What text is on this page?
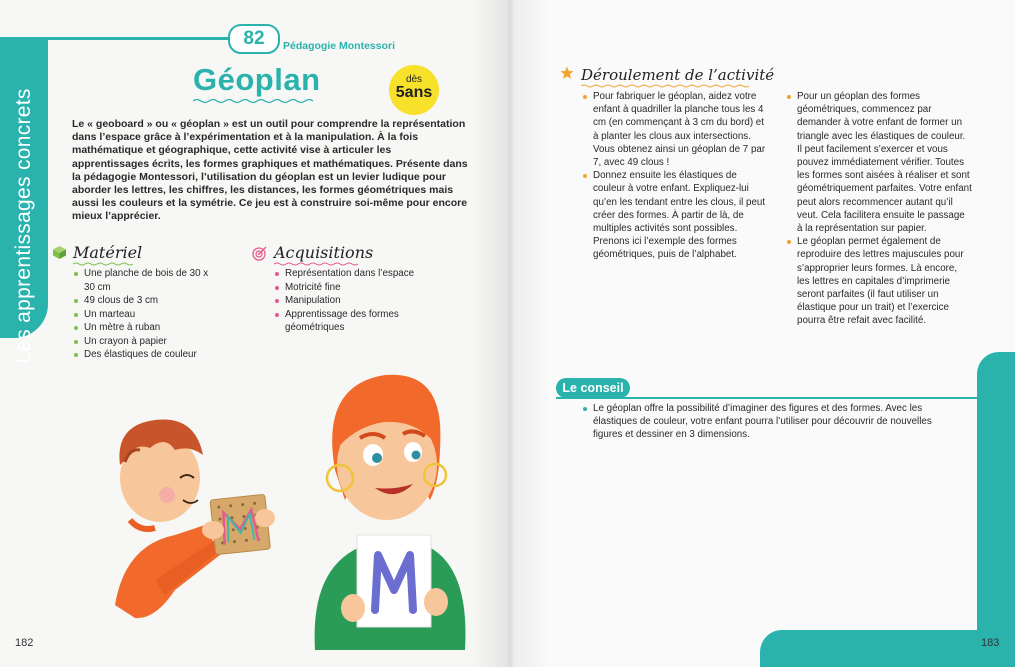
Les apprentissages concrets
82	Pédagogie Montessori
Géoplan	dès
5ans

Le « geoboard » ou « géoplan » est un outil pour comprendre la représentation dans l’espace grâce à l’expérimentation et à la manipulation. À la fois mathématique et géographique, cette activité vise à articuler les apprentissages écrits, les formes graphiques et mathématiques. Présente dans la pédagogie Montessori, l’utilisation du géoplan est un levier ludique pour aborder les lettres, les chiffres, les distances, les formes géométriques mais aussi les couleurs et la symétrie. Ce jeu est à construire soi-même pour encore mieux l’apprécier.

Matériel
Une planche de bois de 30 x 30 cm
49 clous de 3 cm
Un marteau
Un mètre à ruban
Un crayon à papier
Des élastiques de couleur
Acquisitions
Représentation dans l’espace
Motricité fine
Manipulation
Apprentissage des formes géométriques
182
Déroulement de l’activité
Pour fabriquer le géoplan, aidez votre enfant à quadriller la planche tous les 4 cm (en commençant à 3 cm du bord) et à planter les clous aux intersections. Vous obtenez ainsi un géoplan de 7 par 7, avec 49 clous !
Donnez ensuite les élastiques de couleur à votre enfant. Expliquez-lui qu’en les tendant entre les clous, il peut créer des formes. À partir de là, de multiples activités sont possibles. Prenons ici l’exemple des formes géométriques, puis de l’alphabet.
Pour un géoplan des formes géométriques, commencez par demander à votre enfant de former un triangle avec les élastiques de couleur. Il peut facilement s’exercer et vous pouvez immédiatement vérifier. Toutes les formes sont aisées à réaliser et sont géométriquement parfaites. Votre enfant peut alors recommencer autant qu’il veut. Cela facilitera ensuite le passage à la représentation sur papier.
Le géoplan permet également de reproduire des lettres majuscules pour s’approprier leurs formes. Là encore, les lettres en capitales d’imprimerie seront parfaites (il faut utiliser un élastique pour un trait) et l’exercice pourra être refait avec facilité.
Le conseil
Le géoplan offre la possibilité d’imaginer des figures et des formes. Avec les élastiques de couleur, votre enfant pourra l’utiliser pour découvrir de nouvelles figures et dessiner en 3 dimensions.
183
